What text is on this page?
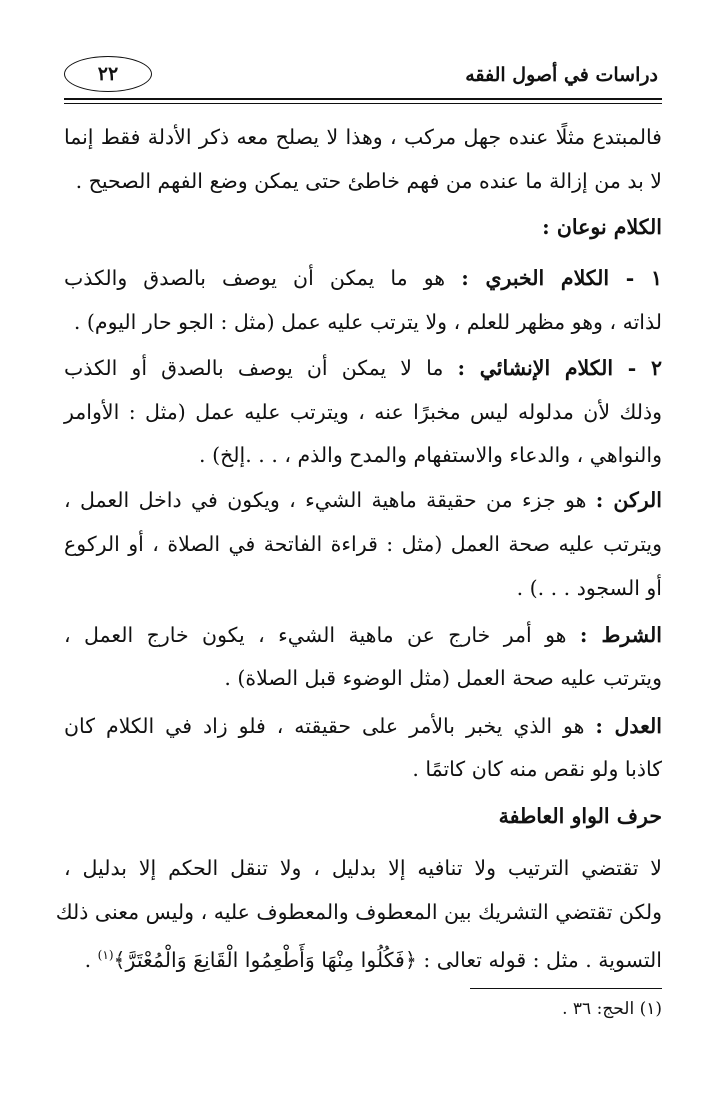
٢٢	دراسات في أصول الفقه
فالمبتدع مثلًا عنده جهل مركب ، وهذا لا يصلح معه ذكر الأدلة فقط إنما
لا بد من إزالة ما عنده من فهم خاطئ حتى يمكن وضع الفهم الصحيح .
الكلام نوعان :
١ - الكلام الخبري : هو ما يمكن أن يوصف بالصدق والكذب
لذاته ، وهو مظهر للعلم ، ولا يترتب عليه عمل (مثل : الجو حار اليوم) .
٢ - الكلام الإنشائي : ما لا يمكن أن يوصف بالصدق أو الكذب
وذلك لأن مدلوله ليس مخبرًا عنه ، ويترتب عليه عمل (مثل : الأوامر
والنواهي ، والدعاء والاستفهام والمدح والذم ، . . .إلخ) .
الركن : هو جزء من حقيقة ماهية الشيء ، ويكون في داخل العمل ،
ويترتب عليه صحة العمل (مثل : قراءة الفاتحة في الصلاة ، أو الركوع
أو السجود . . .) .
الشرط : هو أمر خارج عن ماهية الشيء ، يكون خارج العمل ،
ويترتب عليه صحة العمل (مثل الوضوء قبل الصلاة) .
العدل : هو الذي يخبر بالأمر على حقيقته ، فلو زاد في الكلام كان
كاذبا ولو نقص منه كان كاتمًا .
حرف الواو العاطفة
لا تقتضي الترتيب ولا تنافيه إلا بدليل ، ولا تنقل الحكم إلا بدليل ،
ولكن تقتضي التشريك بين المعطوف والمعطوف عليه ، وليس معنى ذلك
التسوية . مثل : قوله تعالى : ﴿فَكُلُوا مِنْهَا وَأَطْعِمُوا الْقَانِعَ وَالْمُعْتَرَّ﴾$^{(١)}$ .
(١) الحج: ٣٦ .
